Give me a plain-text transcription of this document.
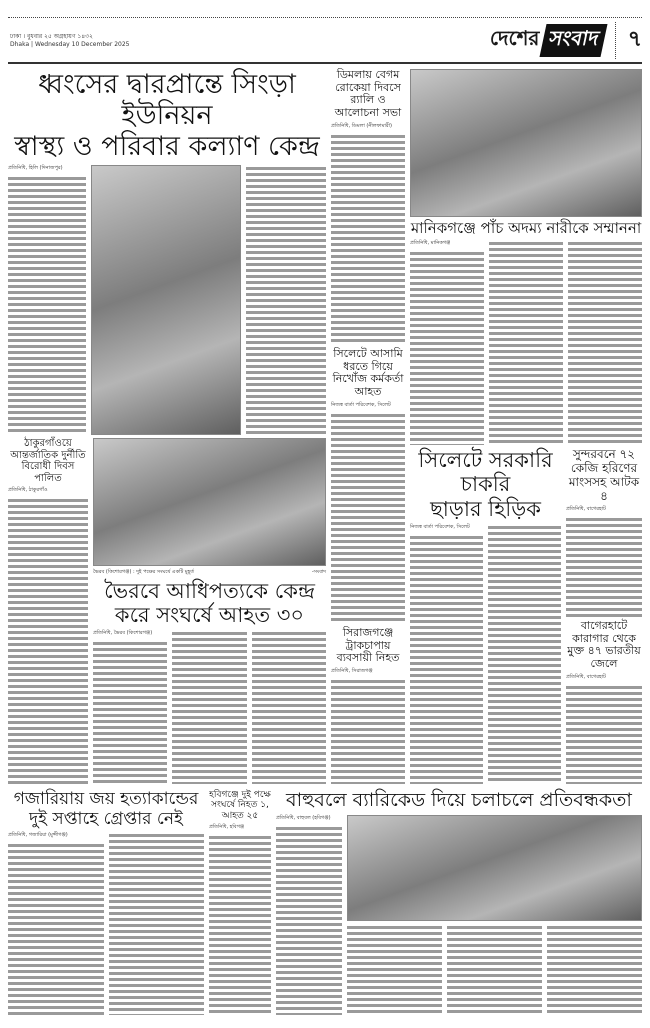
ঢাকা । বুধবার ২৫ অগ্রহায়ণ ১৪৩২
Dhaka | Wednesday 10 December 2025	দেশের সংবাদ	৭
ধ্বংসের দ্বারপ্রান্তে সিংড়া ইউনিয়ন
স্বাস্থ্য ও পরিবার কল্যাণ কেন্দ্র
প্রতিনিধি, হিলি (দিনাজপুর)
ঠাকুরগাঁওয়ে আন্তর্জাতিক দুর্নীতি বিরোধী দিবস পালিত
প্রতিনিধি, ঠাকুরগাঁও
ভৈরব (কিশোরগঞ্জ) : দুই পক্ষের সংঘর্ষে একটি মুহূর্ত	-সংবাদ
ভৈরবে আধিপত্যকে কেন্দ্র
করে সংঘর্ষে আহত ৩০
প্রতিনিধি, ভৈরব (কিশোরগঞ্জ)
ডিমলায় বেগম রোকেয়া দিবসে র‍্যালি ও আলোচনা সভা
প্রতিনিধি, ডিমলা (নীলফামারী)
সিলেটে আসামি ধরতে গিয়ে নিখোঁজ কর্মকর্তা আহত
নিজস্ব বার্তা পরিবেশক, সিলেট
সিরাজগঞ্জে ট্রাকচাপায় ব্যবসায়ী নিহত
প্রতিনিধি, সিরাজগঞ্জ
মানিকগঞ্জে পাঁচ অদম্য নারীকে সম্মাননা
প্রতিনিধি, মানিকগঞ্জ
সিলেটে সরকারি চাকরি
ছাড়ার হিড়িক
নিজস্ব বার্তা পরিবেশক, সিলেট
সুন্দরবনে ৭২ কেজি হরিণের মাংসসহ আটক ৪
প্রতিনিধি, বাগেরহাট
বাগেরহাটে কারাগার থেকে মুক্ত ৪৭ ভারতীয় জেলে
প্রতিনিধি, বাগেরহাট
গজারিয়ায় জয় হত্যাকান্ডের
দুই সপ্তাহে গ্রেপ্তার নেই
প্রতিনিধি, গজারিয়া (মুন্সীগঞ্জ)
হবিগঞ্জে দুই পক্ষে সংঘর্ষে নিহত ১, আহত ২৫
প্রতিনিধি, হবিগঞ্জ
বাহুবলে ব্যারিকেড দিয়ে চলাচলে প্রতিবন্ধকতা
প্রতিনিধি, বাহুবল (হবিগঞ্জ)
